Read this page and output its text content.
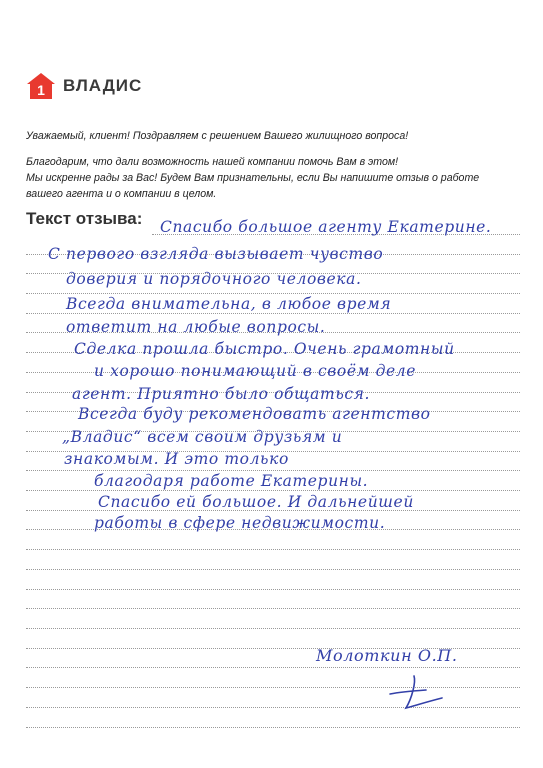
1 ВЛАДИС
Уважаемый, клиент! Поздравляем с решением Вашего жилищного вопроса!
Благодарим, что дали возможность нашей компании помочь Вам в этом!
Мы искренне рады за Вас! Будем Вам признательны, если Вы напишите отзыв о работе
вашего агента и о компании в целом.
Текст отзыва: Спасибо большое агенту Екатерине.
С первого взгляда вызывает чувство
доверия и порядочного человека.
Всегда внимательна, в любое время
ответит на любые вопросы.
Сделка прошла быстро. Очень грамотный
и хорошо понимающий в своём деле
агент. Приятно было общаться.
Всегда буду рекомендовать агентство
„Владис“ всем своим друзьям и
знакомым. И это только
благодаря работе Екатерины.
Спасибо ей большое. И дальнейшей
работы в сфере недвижимости.
Молоткин О.П.
